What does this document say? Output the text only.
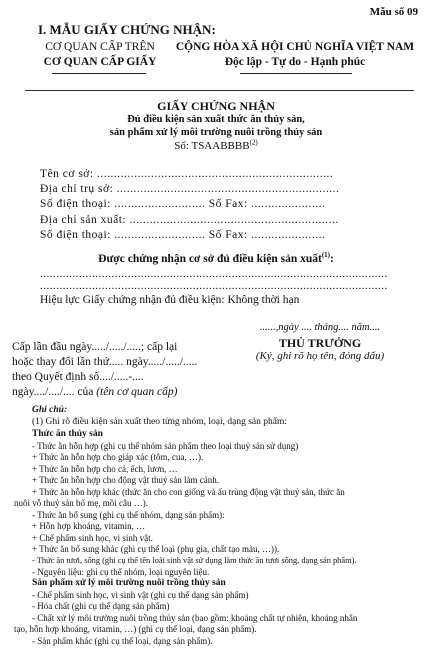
Mẫu số 09
I. MẪU GIẤY CHỨNG NHẬN:
CƠ QUAN CẤP TRÊN
CƠ QUAN CẤP GIẤY
CỘNG HÒA XÃ HỘI CHỦ NGHĨA VIỆT NAM
Độc lập - Tự do - Hạnh phúc
GIẤY CHỨNG NHẬN
Đủ điều kiện sản xuất thức ăn thủy sản,
sản phẩm xử lý môi trường nuôi trồng thủy sản
Số: TSAABBBB$^{(2)}$
Tên cơ sở: ......................................................................
Địa chỉ trụ sở: ..................................................................
Số điện thoại: ........................... Số Fax: ......................
Địa chỉ sản xuất: ..............................................................
Số điện thoại: ........................... Số Fax: ......................
Được chứng nhận cơ sở đủ điều kiện sản xuất$^{(1)}$:
...........................................................................................................
...........................................................................................................
Hiệu lực Giấy chứng nhận đủ điều kiện: Không thời hạn
Cấp lần đầu ngày...../...../.....; cấp lại
hoặc thay đổi lần thứ..... ngày...../...../.....
theo Quyết định số..../.....-....
ngày..../..../.... của (tên cơ quan cấp)
......,ngày .... tháng.... năm....
THỦ TRƯỞNG
(Ký, ghi rõ họ tên, đóng dấu)
Ghi chú:
(1) Ghi rõ điều kiện sản xuất theo từng nhóm, loại, dạng sản phẩm:
Thức ăn thủy sản
- Thức ăn hỗn hợp (ghi cụ thể nhóm sản phẩm theo loại thuỷ sản sử dụng)
+ Thức ăn hỗn hợp cho giáp xác (tôm, cua, …).
+ Thức ăn hỗn hợp cho cá, ếch, lươn, …
+ Thức ăn hỗn hợp cho động vật thuỷ sản làm cảnh.
+ Thức ăn hỗn hợp khác (thức ăn cho con giống và ấu trùng động vật thuỷ sản, thức ăn
nuôi vỗ thuỷ sản bố mẹ, mồi câu …).
- Thức ăn bổ sung (ghi cụ thể nhóm, dạng sản phẩm):
+ Hỗn hợp khoáng, vitamin, …
+ Chế phẩm sinh học, vi sinh vật.
+ Thức ăn bổ sung khác (ghi cụ thể loại (phụ gia, chất tạo màu, …)).
- Thức ăn tươi, sống (ghi cụ thể tên loài sinh vật sử dụng làm thức ăn tươi sống, dạng sản phẩm).
- Nguyên liệu: ghi cụ thể nhóm, loại nguyên liệu.
Sản phẩm xử lý môi trường nuôi trồng thủy sản
- Chế phẩm sinh học, vi sinh vật (ghi cụ thể dạng sản phẩm)
- Hóa chất (ghi cụ thể dạng sản phẩm)
- Chất xử lý môi trường nuôi trồng thủy sản (bao gồm: khoáng chất tự nhiên, khoáng nhân
tạo, hỗn hợp khoáng, vitamin, …) (ghi cụ thể loại, dạng sản phẩm).
- Sản phẩm khác (ghi cụ thể loại, dạng sản phẩm).
